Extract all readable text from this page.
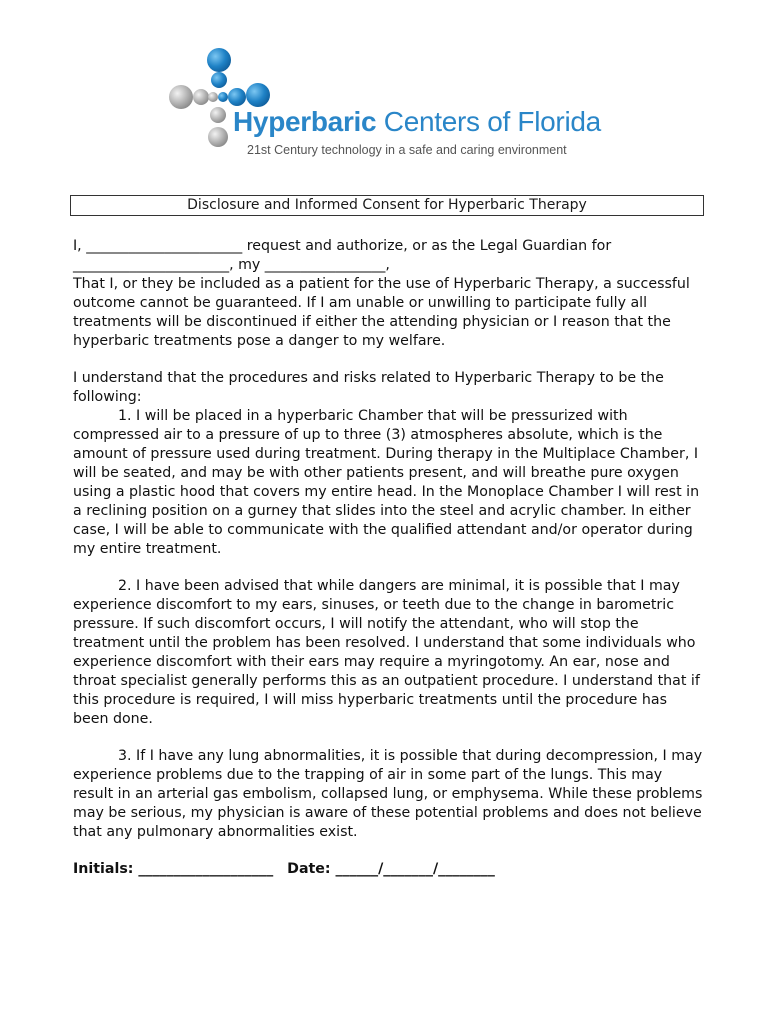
Hyperbaric Centers of Florida
21st Century technology in a safe and caring environment
Disclosure and Informed Consent for Hyperbaric Therapy
I, ______________________ request and authorize, or as the Legal Guardian for
______________________, my _________________,

That I, or they be included as a patient for the use of Hyperbaric Therapy, a successful outcome cannot be guaranteed. If I am unable or unwilling to participate fully all treatments will be discontinued if either the attending physician or I reason that the hyperbaric treatments pose a danger to my welfare.

I understand that the procedures and risks related to Hyperbaric Therapy to be the following:

1. I will be placed in a hyperbaric Chamber that will be pressurized with compressed air to a pressure of up to three (3) atmospheres absolute, which is the amount of pressure used during treatment. During therapy in the Multiplace Chamber, I will be seated, and may be with other patients present, and will breathe pure oxygen using a plastic hood that covers my entire head. In the Monoplace Chamber I will rest in a reclining position on a gurney that slides into the steel and acrylic chamber. In either case, I will be able to communicate with the qualified attendant and/or operator during my entire treatment.

2. I have been advised that while dangers are minimal, it is possible that I may experience discomfort to my ears, sinuses, or teeth due to the change in barometric pressure. If such discomfort occurs, I will notify the attendant, who will stop the treatment until the problem has been resolved. I understand that some individuals who experience discomfort with their ears may require a myringotomy. An ear, nose and throat specialist generally performs this as an outpatient procedure. I understand that if this procedure is required, I will miss hyperbaric treatments until the procedure has been done.

3. If I have any lung abnormalities, it is possible that during decompression, I may experience problems due to the trapping of air in some part of the lungs. This may result in an arterial gas embolism, collapsed lung, or emphysema. While these problems may be serious, my physician is aware of these potential problems and does not believe that any pulmonary abnormalities exist.

Initials: ___________________ Date: ______/_______/________
